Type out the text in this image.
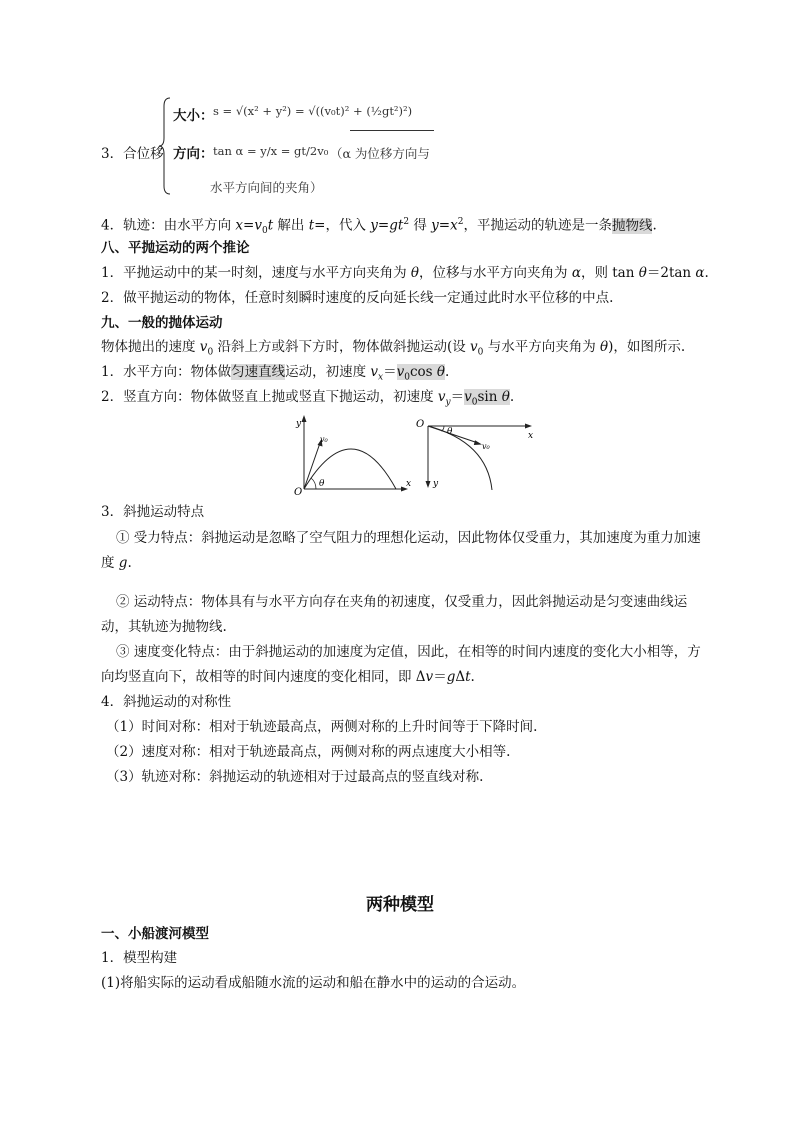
3．合位移
大小： s = √(x² + y²) = √((v₀t)² + (½gt²)²)
方向： tan α = y/x = gt/2v₀ （α 为位移方向与
水平方向间的夹角）
4．轨迹：由水平方向 $x=v_0t$ 解出 t=，代入 $y=gt^2$ 得 $y=x^2$，平抛运动的轨迹是一条抛物线.
八、平抛运动的两个推论
1．平抛运动中的某一时刻，速度与水平方向夹角为 θ，位移与水平方向夹角为 α，则 tan θ＝2tan α.
2．做平抛运动的物体，任意时刻瞬时速度的反向延长线一定通过此时水平位移的中点.
九、一般的抛体运动
物体抛出的速度 $v_0$ 沿斜上方或斜下方时，物体做斜抛运动(设 $v_0$ 与水平方向夹角为 θ)，如图所示.
1．水平方向：物体做匀速直线运动，初速度 $v_x=v_0\cos$ θ.
2．竖直方向：物体做竖直上抛或竖直下抛运动，初速度 $v_y=v_0\sin$ θ.
y
x
O
v₀
θ
O
x
y
θ
v₀
3．斜抛运动特点
① 受力特点：斜抛运动是忽略了空气阻力的理想化运动，因此物体仅受重力，其加速度为重力加速
度 g.
② 运动特点：物体具有与水平方向存在夹角的初速度，仅受重力，因此斜抛运动是匀变速曲线运
动，其轨迹为抛物线.
③ 速度变化特点：由于斜抛运动的加速度为定值，因此，在相等的时间内速度的变化大小相等，方
向均竖直向下，故相等的时间内速度的变化相同，即 Δv＝gΔt.
4．斜抛运动的对称性
（1）时间对称：相对于轨迹最高点，两侧对称的上升时间等于下降时间.
（2）速度对称：相对于轨迹最高点，两侧对称的两点速度大小相等.
（3）轨迹对称：斜抛运动的轨迹相对于过最高点的竖直线对称.
两种模型
一、小船渡河模型
1．模型构建
(1)将船实际的运动看成船随水流的运动和船在静水中的运动的合运动。
